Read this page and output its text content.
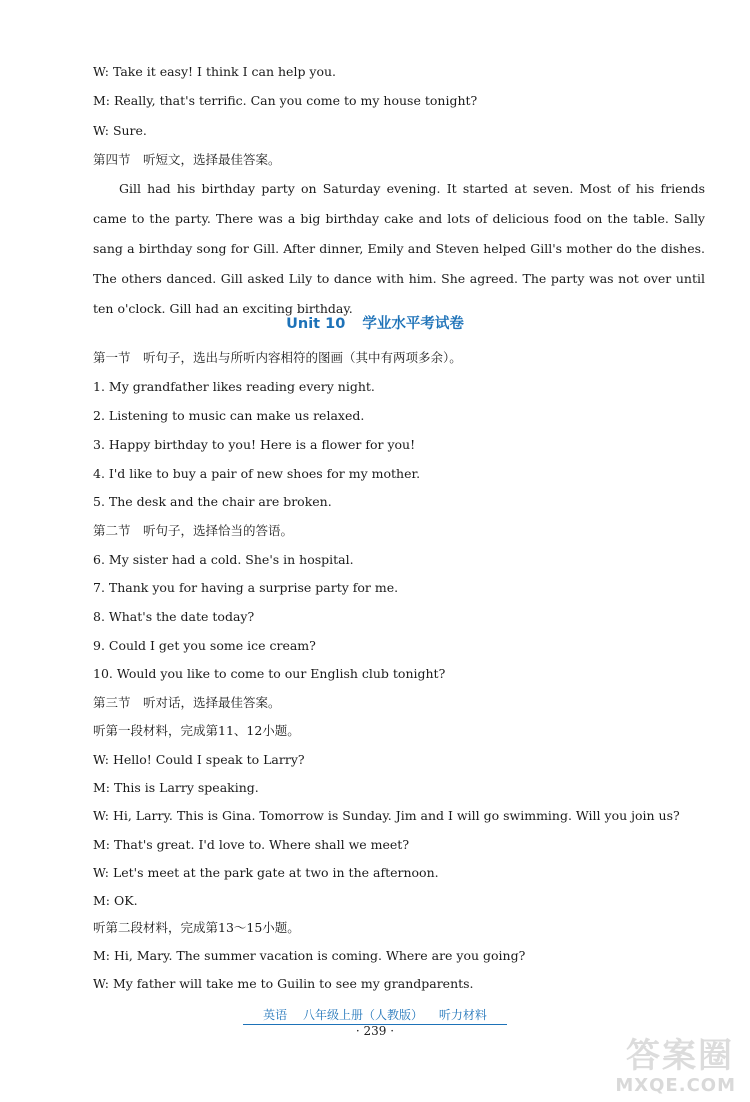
W: Take it easy! I think I can help you.

M: Really, that's terrific. Can you come to my house tonight?

W: Sure.

第四节　听短文，选择最佳答案。

Gill had his birthday party on Saturday evening. It started at seven. Most of his friends came to the party. There was a big birthday cake and lots of delicious food on the table. Sally sang a birthday song for Gill. After dinner, Emily and Steven helped Gill's mother do the dishes. The others danced. Gill asked Lily to dance with him. She agreed. The party was not over until ten o'clock. Gill had an exciting birthday.

Unit 10 学业水平考试卷

第一节　听句子，选出与所听内容相符的图画（其中有两项多余）。

1. My grandfather likes reading every night.

2. Listening to music can make us relaxed.

3. Happy birthday to you! Here is a flower for you!

4. I'd like to buy a pair of new shoes for my mother.

5. The desk and the chair are broken.

第二节　听句子，选择恰当的答语。

6. My sister had a cold. She's in hospital.

7. Thank you for having a surprise party for me.

8. What's the date today?

9. Could I get you some ice cream?

10. Would you like to come to our English club tonight?

第三节　听对话，选择最佳答案。

听第一段材料，完成第11、12小题。

W: Hello! Could I speak to Larry?

M: This is Larry speaking.

W: Hi, Larry. This is Gina. Tomorrow is Sunday. Jim and I will go swimming. Will you join us?

M: That's great. I'd love to. Where shall we meet?

W: Let's meet at the park gate at two in the afternoon.

M: OK.

听第二段材料，完成第13～15小题。

M: Hi, Mary. The summer vacation is coming. Where are you going?

W: My father will take me to Guilin to see my grandparents.

英语 八年级上册（人教版） 听力材料
· 239 ·
答案圈
MXQE.COM
